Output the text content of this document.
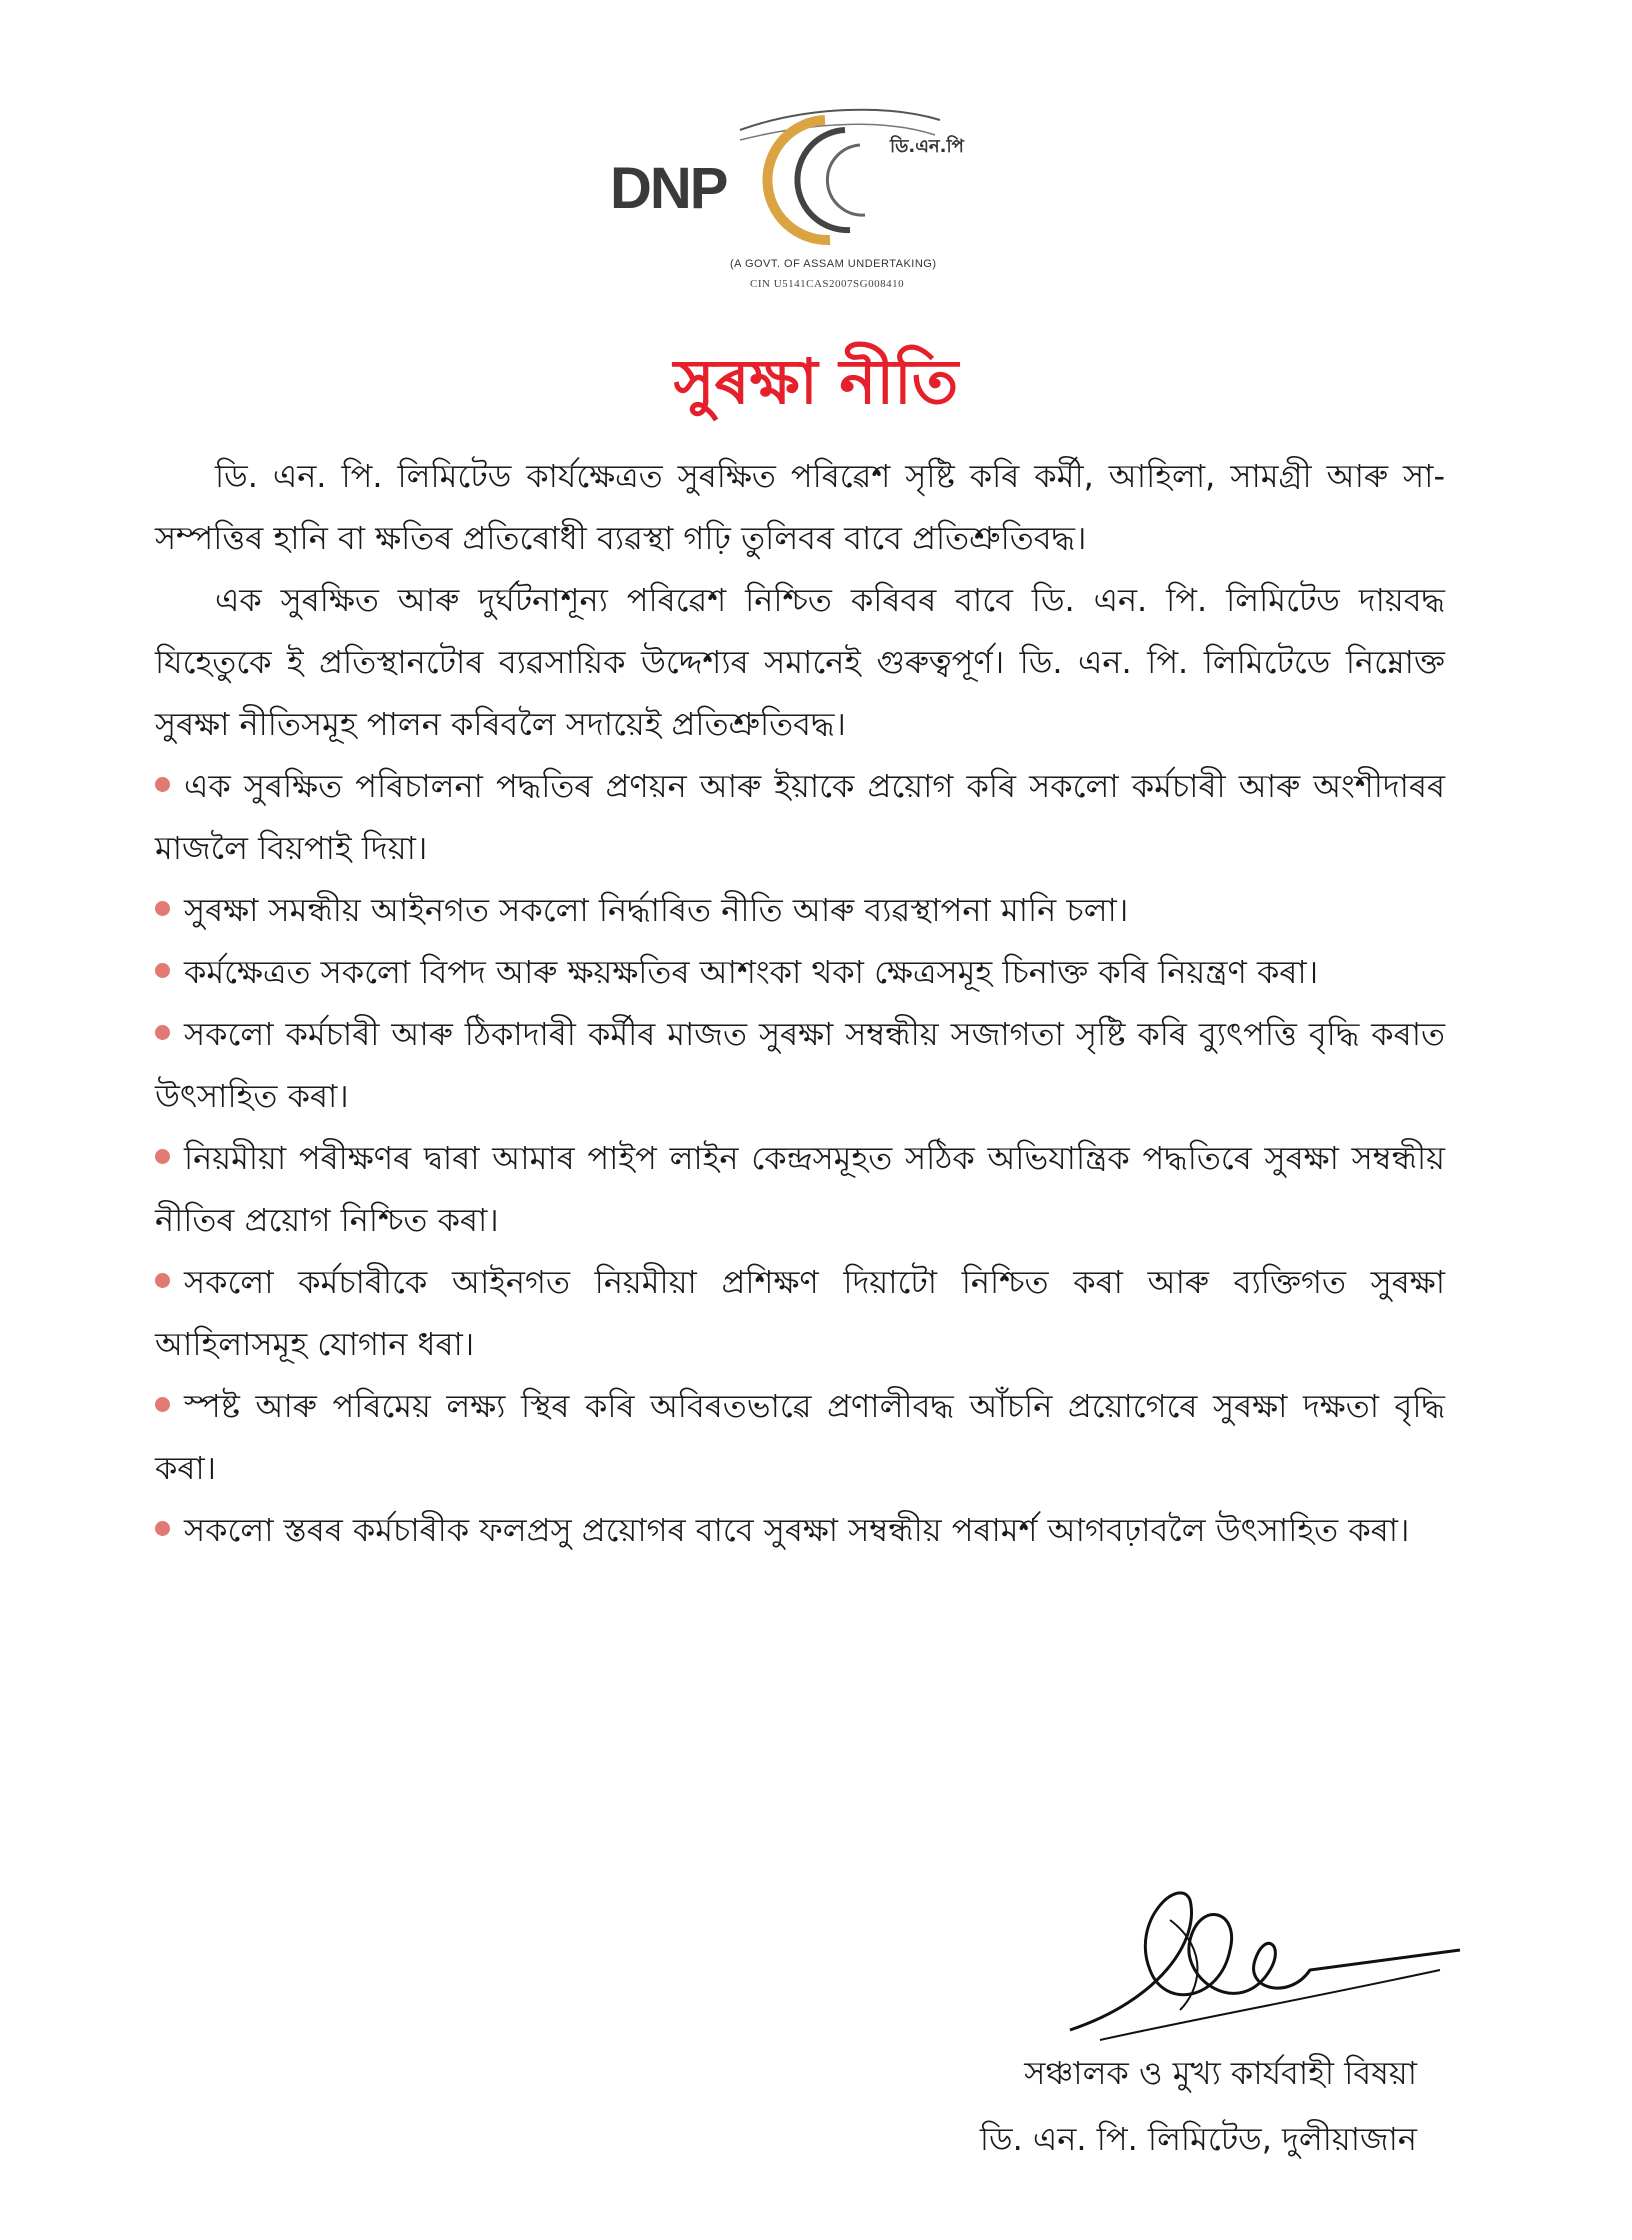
DNP
ডি.এন.পি
(A GOVT. OF ASSAM UNDERTAKING)
CIN U5141CAS2007SG008410
সুৰক্ষা নীতি

ডি. এন. পি. লিমিটেড কাৰ্যক্ষেত্ৰত সুৰক্ষিত পৰিৱেশ সৃষ্টি কৰি কৰ্মী, আহিলা, সামগ্ৰী আৰু সা-সম্পত্তিৰ হানি বা ক্ষতিৰ প্ৰতিৰোধী ব্যৱস্থা গঢ়ি তুলিবৰ বাবে প্ৰতিশ্ৰুতিবদ্ধ।

এক সুৰক্ষিত আৰু দুৰ্ঘটনাশূন্য পৰিৱেশ নিশ্চিত কৰিবৰ বাবে ডি. এন. পি. লিমিটেড দায়বদ্ধ যিহেতুকে ই প্ৰতিস্থানটোৰ ব্যৱসায়িক উদ্দেশ্যৰ সমানেই গুৰুত্বপূৰ্ণ। ডি. এন. পি. লিমিটেডে নিম্নোক্ত সুৰক্ষা নীতিসমূহ পালন কৰিবলৈ সদায়েই প্ৰতিশ্ৰুতিবদ্ধ।

এক সুৰক্ষিত পৰিচালনা পদ্ধতিৰ প্ৰণয়ন আৰু ইয়াকে প্ৰয়োগ কৰি সকলো কৰ্মচাৰী আৰু অংশীদাৰৰ মাজলৈ বিয়পাই দিয়া।
সুৰক্ষা সমন্ধীয় আইনগত সকলো নিৰ্দ্ধাৰিত নীতি আৰু ব্যৱস্থাপনা মানি চলা।
কৰ্মক্ষেত্ৰত সকলো বিপদ আৰু ক্ষয়ক্ষতিৰ আশংকা থকা ক্ষেত্ৰসমূহ চিনাক্ত কৰি নিয়ন্ত্ৰণ কৰা।
সকলো কৰ্মচাৰী আৰু ঠিকাদাৰী কৰ্মীৰ মাজত সুৰক্ষা সম্বন্ধীয় সজাগতা সৃষ্টি কৰি ব্যুৎপত্তি বৃদ্ধি কৰাত উৎসাহিত কৰা।
নিয়মীয়া পৰীক্ষণৰ দ্বাৰা আমাৰ পাইপ লাইন কেন্দ্ৰসমূহত সঠিক অভিযান্ত্ৰিক পদ্ধতিৰে সুৰক্ষা সম্বন্ধীয় নীতিৰ প্ৰয়োগ নিশ্চিত কৰা।
সকলো কৰ্মচাৰীকে আইনগত নিয়মীয়া প্ৰশিক্ষণ দিয়াটো নিশ্চিত কৰা আৰু ব্যক্তিগত সুৰক্ষা আহিলাসমূহ যোগান ধৰা।
স্পষ্ট আৰু পৰিমেয় লক্ষ্য স্থিৰ কৰি অবিৰতভাৱে প্ৰণালীবদ্ধ আঁচনি প্ৰয়োগেৰে সুৰক্ষা দক্ষতা বৃদ্ধি কৰা।
সকলো স্তৰৰ কৰ্মচাৰীক ফলপ্ৰসু প্ৰয়োগৰ বাবে সুৰক্ষা সম্বন্ধীয় পৰামৰ্শ আগবঢ়াবলৈ উৎসাহিত কৰা।
সঞ্চালক ও মুখ্য কাৰ্যবাহী বিষয়া
ডি. এন. পি. লিমিটেড, দুলীয়াজান
